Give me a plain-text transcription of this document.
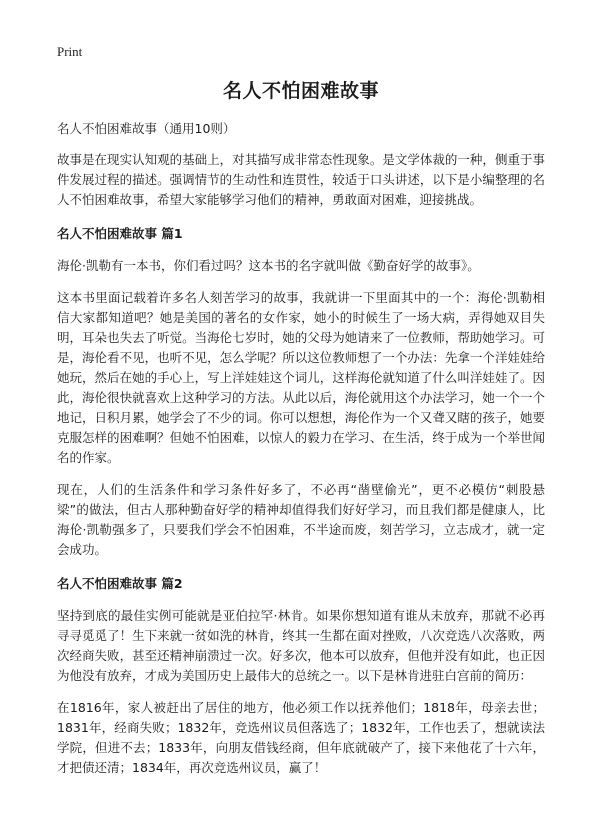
Print
名人不怕困难故事
名人不怕困难故事（通用10则）

故事是在现实认知观的基础上，对其描写成非常态性现象。是文学体裁的一种，侧重于事件发展过程的描述。强调情节的生动性和连贯性，较适于口头讲述，以下是小编整理的名人不怕困难故事，希望大家能够学习他们的精神，勇敢面对困难，迎接挑战。

名人不怕困难故事 篇1

海伦·凯勒有一本书，你们看过吗？这本书的名字就叫做《勤奋好学的故事》。

这本书里面记载着许多名人刻苦学习的故事，我就讲一下里面其中的一个：海伦·凯勒相信大家都知道吧？她是美国的著名的女作家，她小的时候生了一场大病，弄得她双目失明，耳朵也失去了听觉。当海伦七岁时，她的父母为她请来了一位教师，帮助她学习。可是，海伦看不见，也听不见，怎么学呢？所以这位教师想了一个办法：先拿一个洋娃娃给她玩，然后在她的手心上，写上洋娃娃这个词儿，这样海伦就知道了什么叫洋娃娃了。因此，海伦很快就喜欢上这种学习的方法。从此以后，海伦就用这个办法学习，她一个一个地记，日积月累，她学会了不少的词。你可以想想，海伦作为一个又聋又瞎的孩子，她要克服怎样的困难啊？但她不怕困难，以惊人的毅力在学习、在生活，终于成为一个举世闻名的作家。

现在，人们的生活条件和学习条件好多了，不必再“凿壁偷光”，更不必模仿“刺股悬梁”的做法，但古人那种勤奋好学的精神却值得我们好好学习，而且我们都是健康人，比海伦·凯勒强多了，只要我们学会不怕困难，不半途而废，刻苦学习，立志成才，就一定会成功。

名人不怕困难故事 篇2

坚持到底的最佳实例可能就是亚伯拉罕·林肯。如果你想知道有谁从未放弃，那就不必再寻寻觅觅了！生下来就一贫如洗的林肯，终其一生都在面对挫败，八次竞选八次落败，两次经商失败，甚至还精神崩溃过一次。好多次，他本可以放弃，但他并没有如此，也正因为他没有放弃，才成为美国历史上最伟大的总统之一。以下是林肯进驻白宫前的简历：

在1816年，家人被赶出了居住的地方，他必须工作以抚养他们；1818年，母亲去世；1831年，经商失败；1832年，竞选州议员但落选了；1832年，工作也丢了，想就读法学院，但进不去；1833年，向朋友借钱经商，但年底就破产了，接下来他花了十六年，才把债还清；1834年，再次竞选州议员，赢了！
